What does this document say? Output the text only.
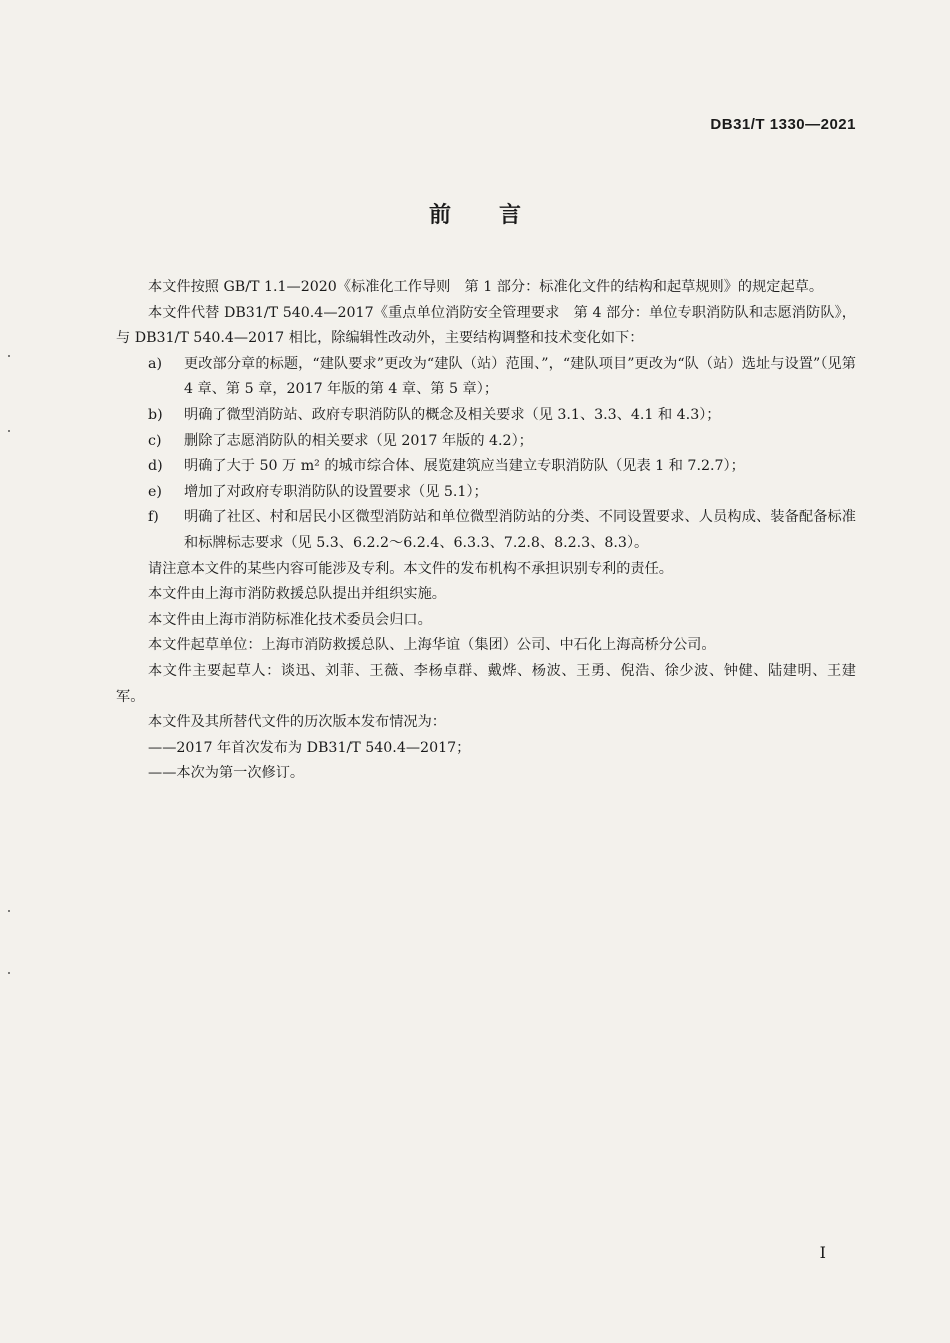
DB31/T 1330—2021
前 言

本文件按照 GB/T 1.1—2020《标准化工作导则　第 1 部分：标准化文件的结构和起草规则》的规定起草。

本文件代替 DB31/T 540.4—2017《重点单位消防安全管理要求　第 4 部分：单位专职消防队和志愿消防队》，与 DB31/T 540.4—2017 相比，除编辑性改动外，主要结构调整和技术变化如下：

a) 更改部分章的标题，“建队要求”更改为“建队（站）范围、”，“建队项目”更改为“队（站）选址与设置”（见第 4 章、第 5 章，2017 年版的第 4 章、第 5 章）；

b) 明确了微型消防站、政府专职消防队的概念及相关要求（见 3.1、3.3、4.1 和 4.3）；

c) 删除了志愿消防队的相关要求（见 2017 年版的 4.2）；

d) 明确了大于 50 万 m² 的城市综合体、展览建筑应当建立专职消防队（见表 1 和 7.2.7）；

e) 增加了对政府专职消防队的设置要求（见 5.1）；

f) 明确了社区、村和居民小区微型消防站和单位微型消防站的分类、不同设置要求、人员构成、装备配备标准和标牌标志要求（见 5.3、6.2.2～6.2.4、6.3.3、7.2.8、8.2.3、8.3）。

请注意本文件的某些内容可能涉及专利。本文件的发布机构不承担识别专利的责任。

本文件由上海市消防救援总队提出并组织实施。

本文件由上海市消防标准化技术委员会归口。

本文件起草单位：上海市消防救援总队、上海华谊（集团）公司、中石化上海高桥分公司。

本文件主要起草人：谈迅、刘菲、王薇、李杨卓群、戴烨、杨波、王勇、倪浩、徐少波、钟健、陆建明、王建军。

本文件及其所替代文件的历次版本发布情况为：

——2017 年首次发布为 DB31/T 540.4—2017；

——本次为第一次修订。

I
